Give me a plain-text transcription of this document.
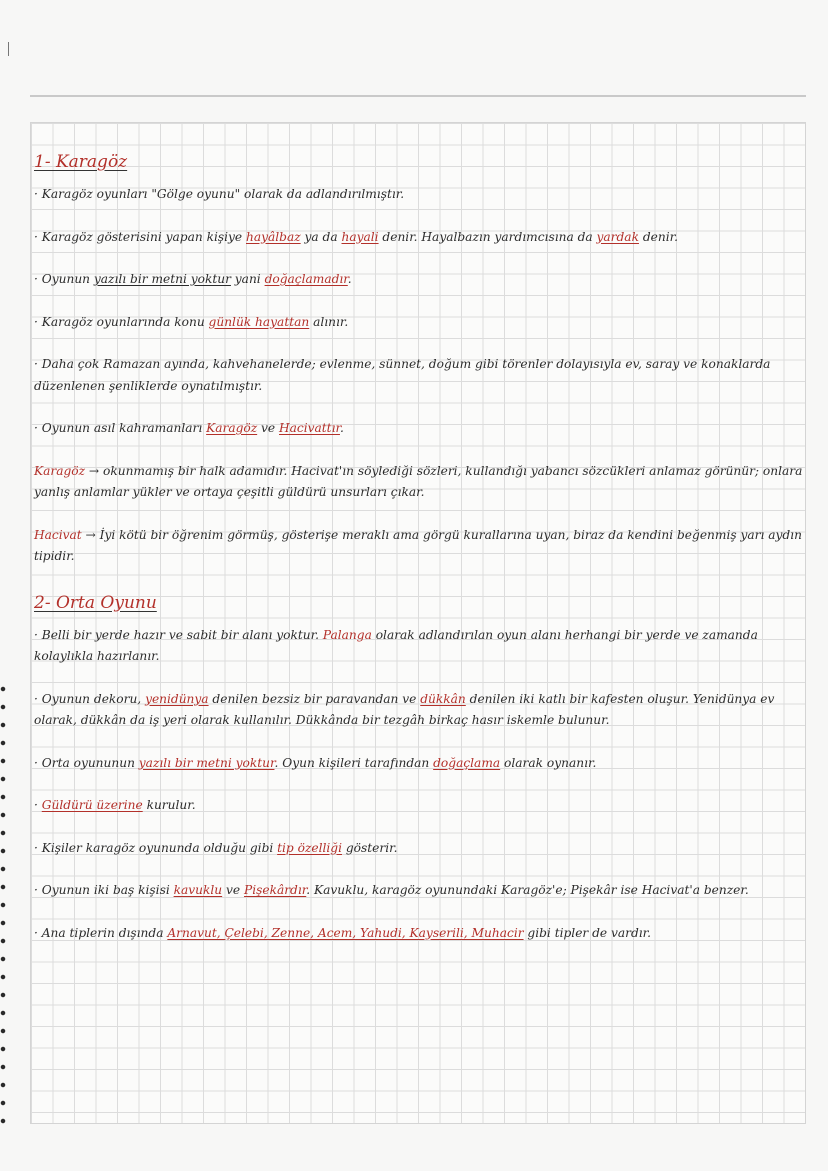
1- Karagöz
· Karagöz oyunları "Gölge oyunu" olarak da adlandırılmıştır.
· Karagöz gösterisini yapan kişiye hayâlbaz ya da hayali denir. Hayalbazın yardımcısına da yardak denir.
· Oyunun yazılı bir metni yoktur yani doğaçlamadır.
· Karagöz oyunlarında konu günlük hayattan alınır.
· Daha çok Ramazan ayında, kahvehanelerde; evlenme, sünnet, doğum gibi törenler dolayısıyla ev, saray ve konaklarda düzenlenen şenliklerde oynatılmıştır.
· Oyunun asıl kahramanları Karagöz ve Hacivattır.
Karagöz → okunmamış bir halk adamıdır. Hacivat'ın söylediği sözleri, kullandığı yabancı sözcükleri anlamaz görünür; onlara yanlış anlamlar yükler ve ortaya çeşitli güldürü unsurları çıkar.
Hacivat → İyi kötü bir öğrenim görmüş, gösterişe meraklı ama görgü kurallarına uyan, biraz da kendini beğenmiş yarı aydın tipidir.
2- Orta Oyunu
· Belli bir yerde hazır ve sabit bir alanı yoktur. Palanga olarak adlandırılan oyun alanı herhangi bir yerde ve zamanda kolaylıkla hazırlanır.
· Oyunun dekoru, yenidünya denilen bezsiz bir paravandan ve dükkân denilen iki katlı bir kafesten oluşur. Yenidünya ev olarak, dükkân da iş yeri olarak kullanılır. Dükkânda bir tezgâh birkaç hasır iskemle bulunur.
· Orta oyununun yazılı bir metni yoktur. Oyun kişileri tarafından doğaçlama olarak oynanır.
· Güldürü üzerine kurulur.
· Kişiler karagöz oyununda olduğu gibi tip özelliği gösterir.
· Oyunun iki baş kişisi kavuklu ve Pişekârdır. Kavuklu, karagöz oyunundaki Karagöz'e; Pişekâr ise Hacivat'a benzer.
· Ana tiplerin dışında Arnavut, Çelebi, Zenne, Acem, Yahudi, Kayserili, Muhacir gibi tipler de vardır.
